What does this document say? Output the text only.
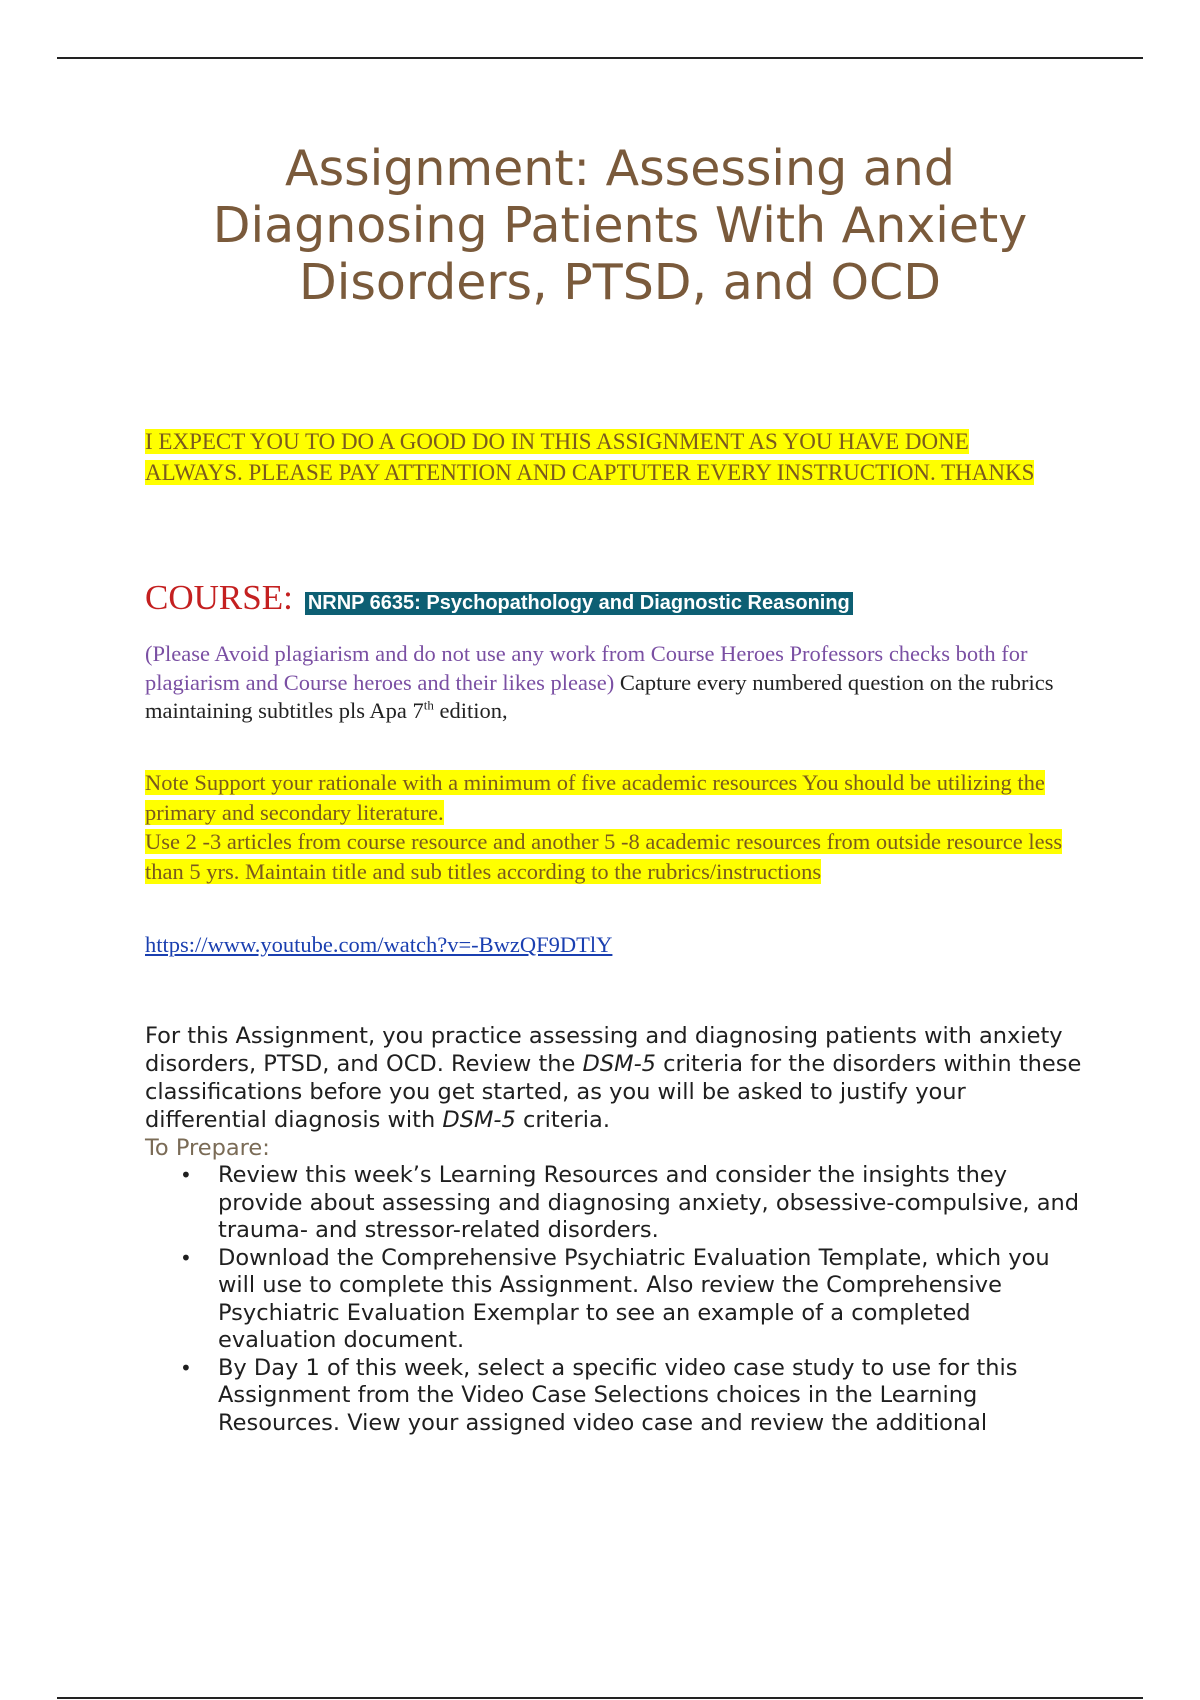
Assignment: Assessing and Diagnosing Patients With Anxiety Disorders, PTSD, and OCD
I EXPECT YOU TO DO A GOOD DO IN THIS ASSIGNMENT AS YOU HAVE DONE ALWAYS. PLEASE PAY ATTENTION AND CAPTUTER EVERY INSTRUCTION. THANKS
COURSE: NRNP 6635: Psychopathology and Diagnostic Reasoning
(Please Avoid plagiarism and do not use any work from Course Heroes Professors checks both for plagiarism and Course heroes and their likes please) Capture every numbered question on the rubrics maintaining subtitles pls Apa 7th edition,
Note Support your rationale with a minimum of five academic resources You should be utilizing the primary and secondary literature.
Use 2 -3 articles from course resource and another 5 -8 academic resources from outside resource less than 5 yrs. Maintain title and sub titles according to the rubrics/instructions
https://www.youtube.com/watch?v=-BwzQF9DTlY

For this Assignment, you practice assessing and diagnosing patients with anxiety disorders, PTSD, and OCD. Review the DSM-5 criteria for the disorders within these classifications before you get started, as you will be asked to justify your differential diagnosis with DSM-5 criteria.

To Prepare:

• Review this week’s Learning Resources and consider the insights they provide about assessing and diagnosing anxiety, obsessive-compulsive, and trauma- and stressor-related disorders.
• Download the Comprehensive Psychiatric Evaluation Template, which you will use to complete this Assignment. Also review the Comprehensive Psychiatric Evaluation Exemplar to see an example of a completed evaluation document.
• By Day 1 of this week, select a specific video case study to use for this Assignment from the Video Case Selections choices in the Learning Resources. View your assigned video case and review the additional
